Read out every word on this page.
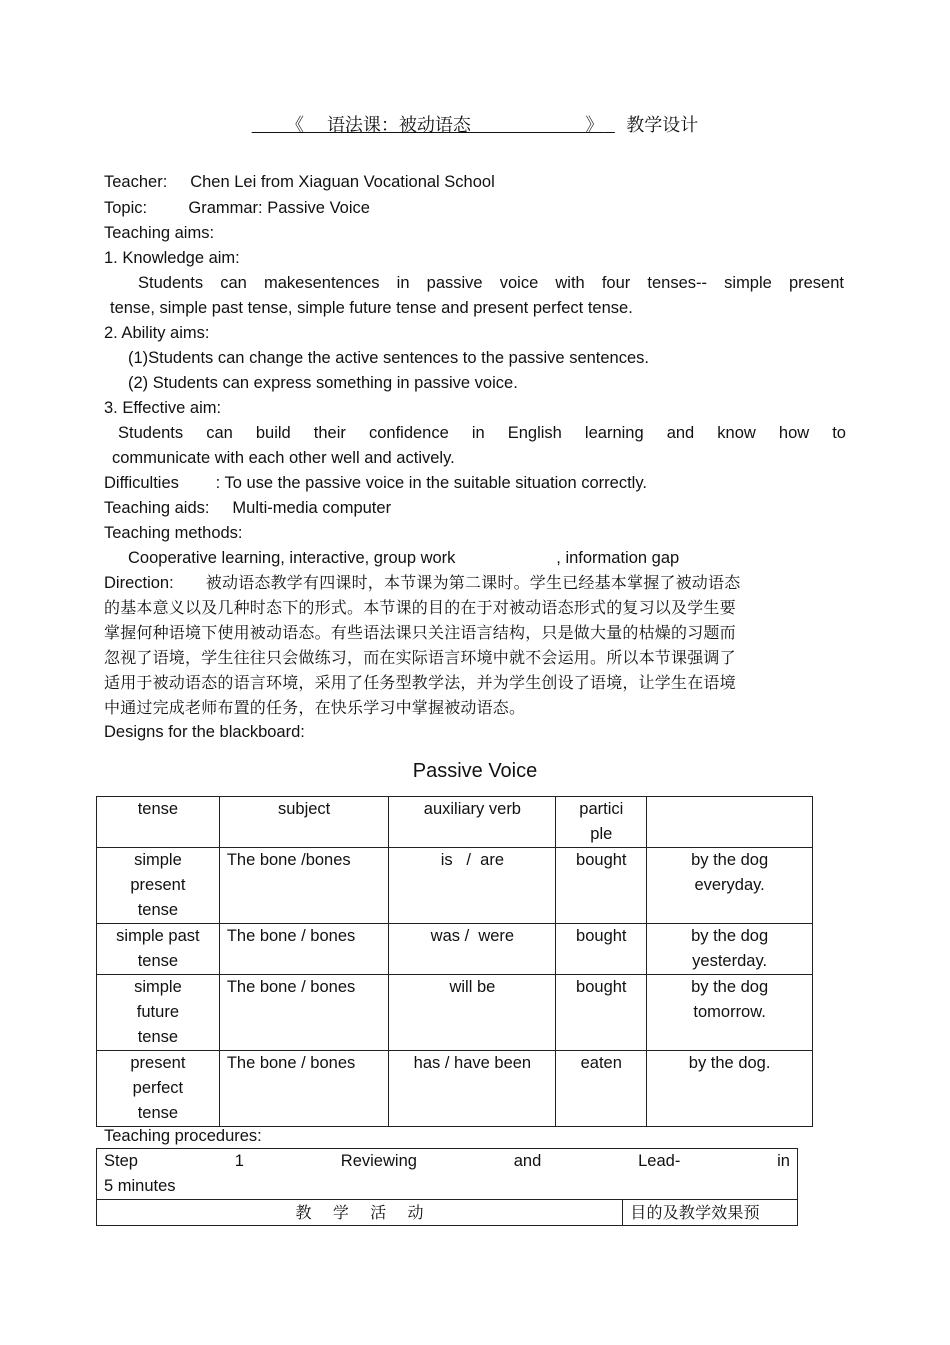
《 语法课：被动语态	》 教学设计
Teacher: Chen Lei from Xiaguan Vocational School
Topic:	Grammar: Passive Voice
Teaching aims:
1. Knowledge aim:
Students can makesentences in passive voice with four tenses-- simple present
tense, simple past tense, simple future tense and present perfect tense.
2. Ability aims:
(1)Students can change the active sentences to the passive sentences.
(2) Students can express something in passive voice.
3. Effective aim:
Students can build their confidence in English learning and know how to
communicate with each other well and actively.
Difficulties : To use the passive voice in the suitable situation correctly.
Teaching aids: Multi-media computer
Teaching methods:
Cooperative learning, interactive, group work	, information gap
Direction: 被动语态教学有四课时，本节课为第二课时。学生已经基本掌握了被动语态
的基本意义以及几种时态下的形式。本节课的目的在于对被动语态形式的复习以及学生要
掌握何种语境下使用被动语态。有些语法课只关注语言结构，只是做大量的枯燥的习题而
忽视了语境，学生往往只会做练习，而在实际语言环境中就不会运用。所以本节课强调了
适用于被动语态的语言环境，采用了任务型教学法，并为学生创设了语境，让学生在语境
中通过完成老师布置的任务，在快乐学习中掌握被动语态。
Designs for the blackboard:
Passive Voice
tense	subject	auxiliary verb	partici
ple	
simple
present
tense	The bone /bones	is   /  are	bought	by the dog
everyday.
simple past
tense	The bone / bones	was /  were	bought	by the dog
yesterday.
simple
future
tense	The bone / bones	will be	bought	by the dog
tomorrow.
present
perfect
tense	The bone / bones	has / have been	eaten	by the dog.
Teaching procedures:
Step	1	Reviewing	and	Lead-	in
5 minutes

教    学    活    动	目的及教学效果预
